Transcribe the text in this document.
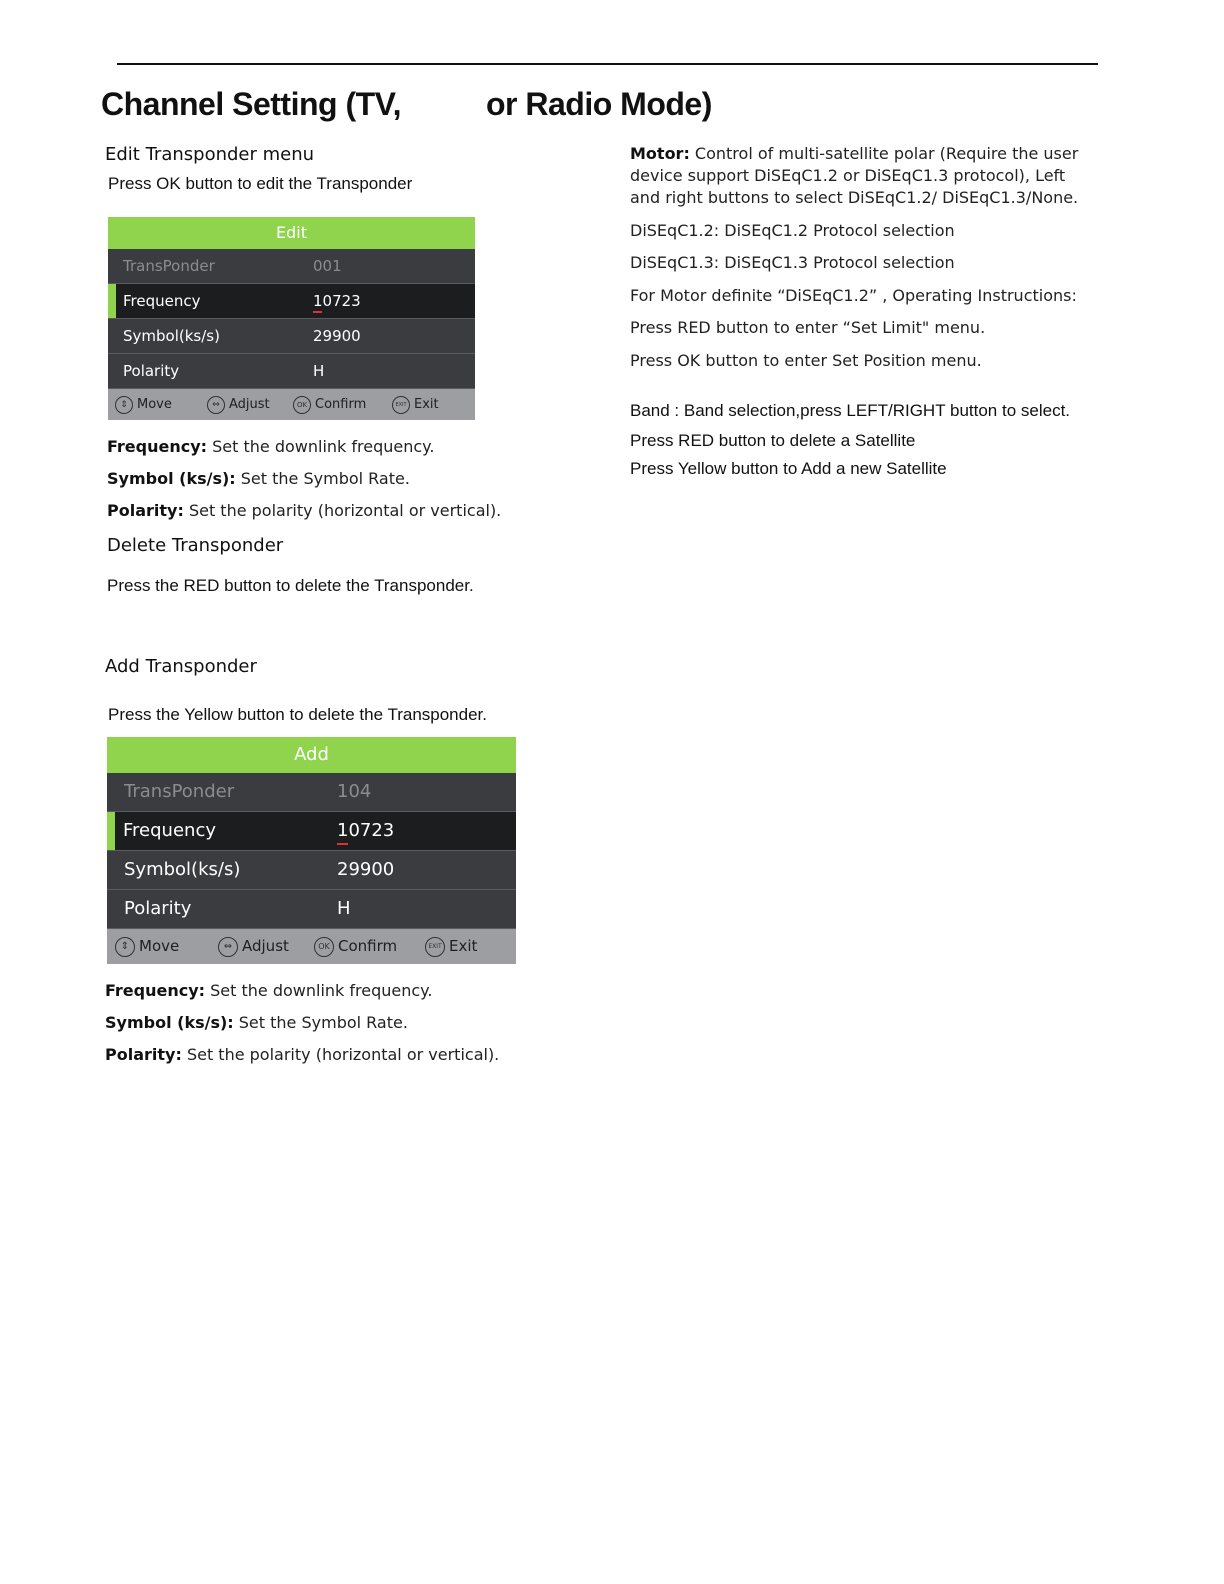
Channel Setting (TV,	or Radio Mode)
Edit Transponder menu

Press OK button to edit the Transponder

Edit
TransPonder	001
Frequency	10723
Symbol(ks/s)	29900
Polarity	H
⇕ Move	⇔ Adjust	OK Confirm	EXIT Exit

Frequency: Set the downlink frequency.

Symbol (ks/s): Set the Symbol Rate.

Polarity: Set the polarity (horizontal or vertical).

Delete Transponder

Press the RED button to delete the Transponder.

Add Transponder

Press the Yellow button to delete the Transponder.

Add
TransPonder	104
Frequency	10723
Symbol(ks/s)	29900
Polarity	H
⇕ Move	⇔ Adjust	OK Confirm	EXIT Exit

Frequency: Set the downlink frequency.

Symbol (ks/s): Set the Symbol Rate.

Polarity: Set the polarity (horizontal or vertical).

Motor: Control of multi-satellite polar (Require the user

device support DiSEqC1.2 or DiSEqC1.3 protocol), Left

and right buttons to select DiSEqC1.2/ DiSEqC1.3/None.

DiSEqC1.2: DiSEqC1.2 Protocol selection

DiSEqC1.3: DiSEqC1.3 Protocol selection

For Motor definite “DiSEqC1.2” , Operating Instructions:

Press RED button to enter “Set Limit" menu.

Press OK button to enter Set Position menu.

Band : Band selection,press LEFT/RIGHT button to select.

Press RED button to delete a Satellite

Press Yellow button to Add a new Satellite
